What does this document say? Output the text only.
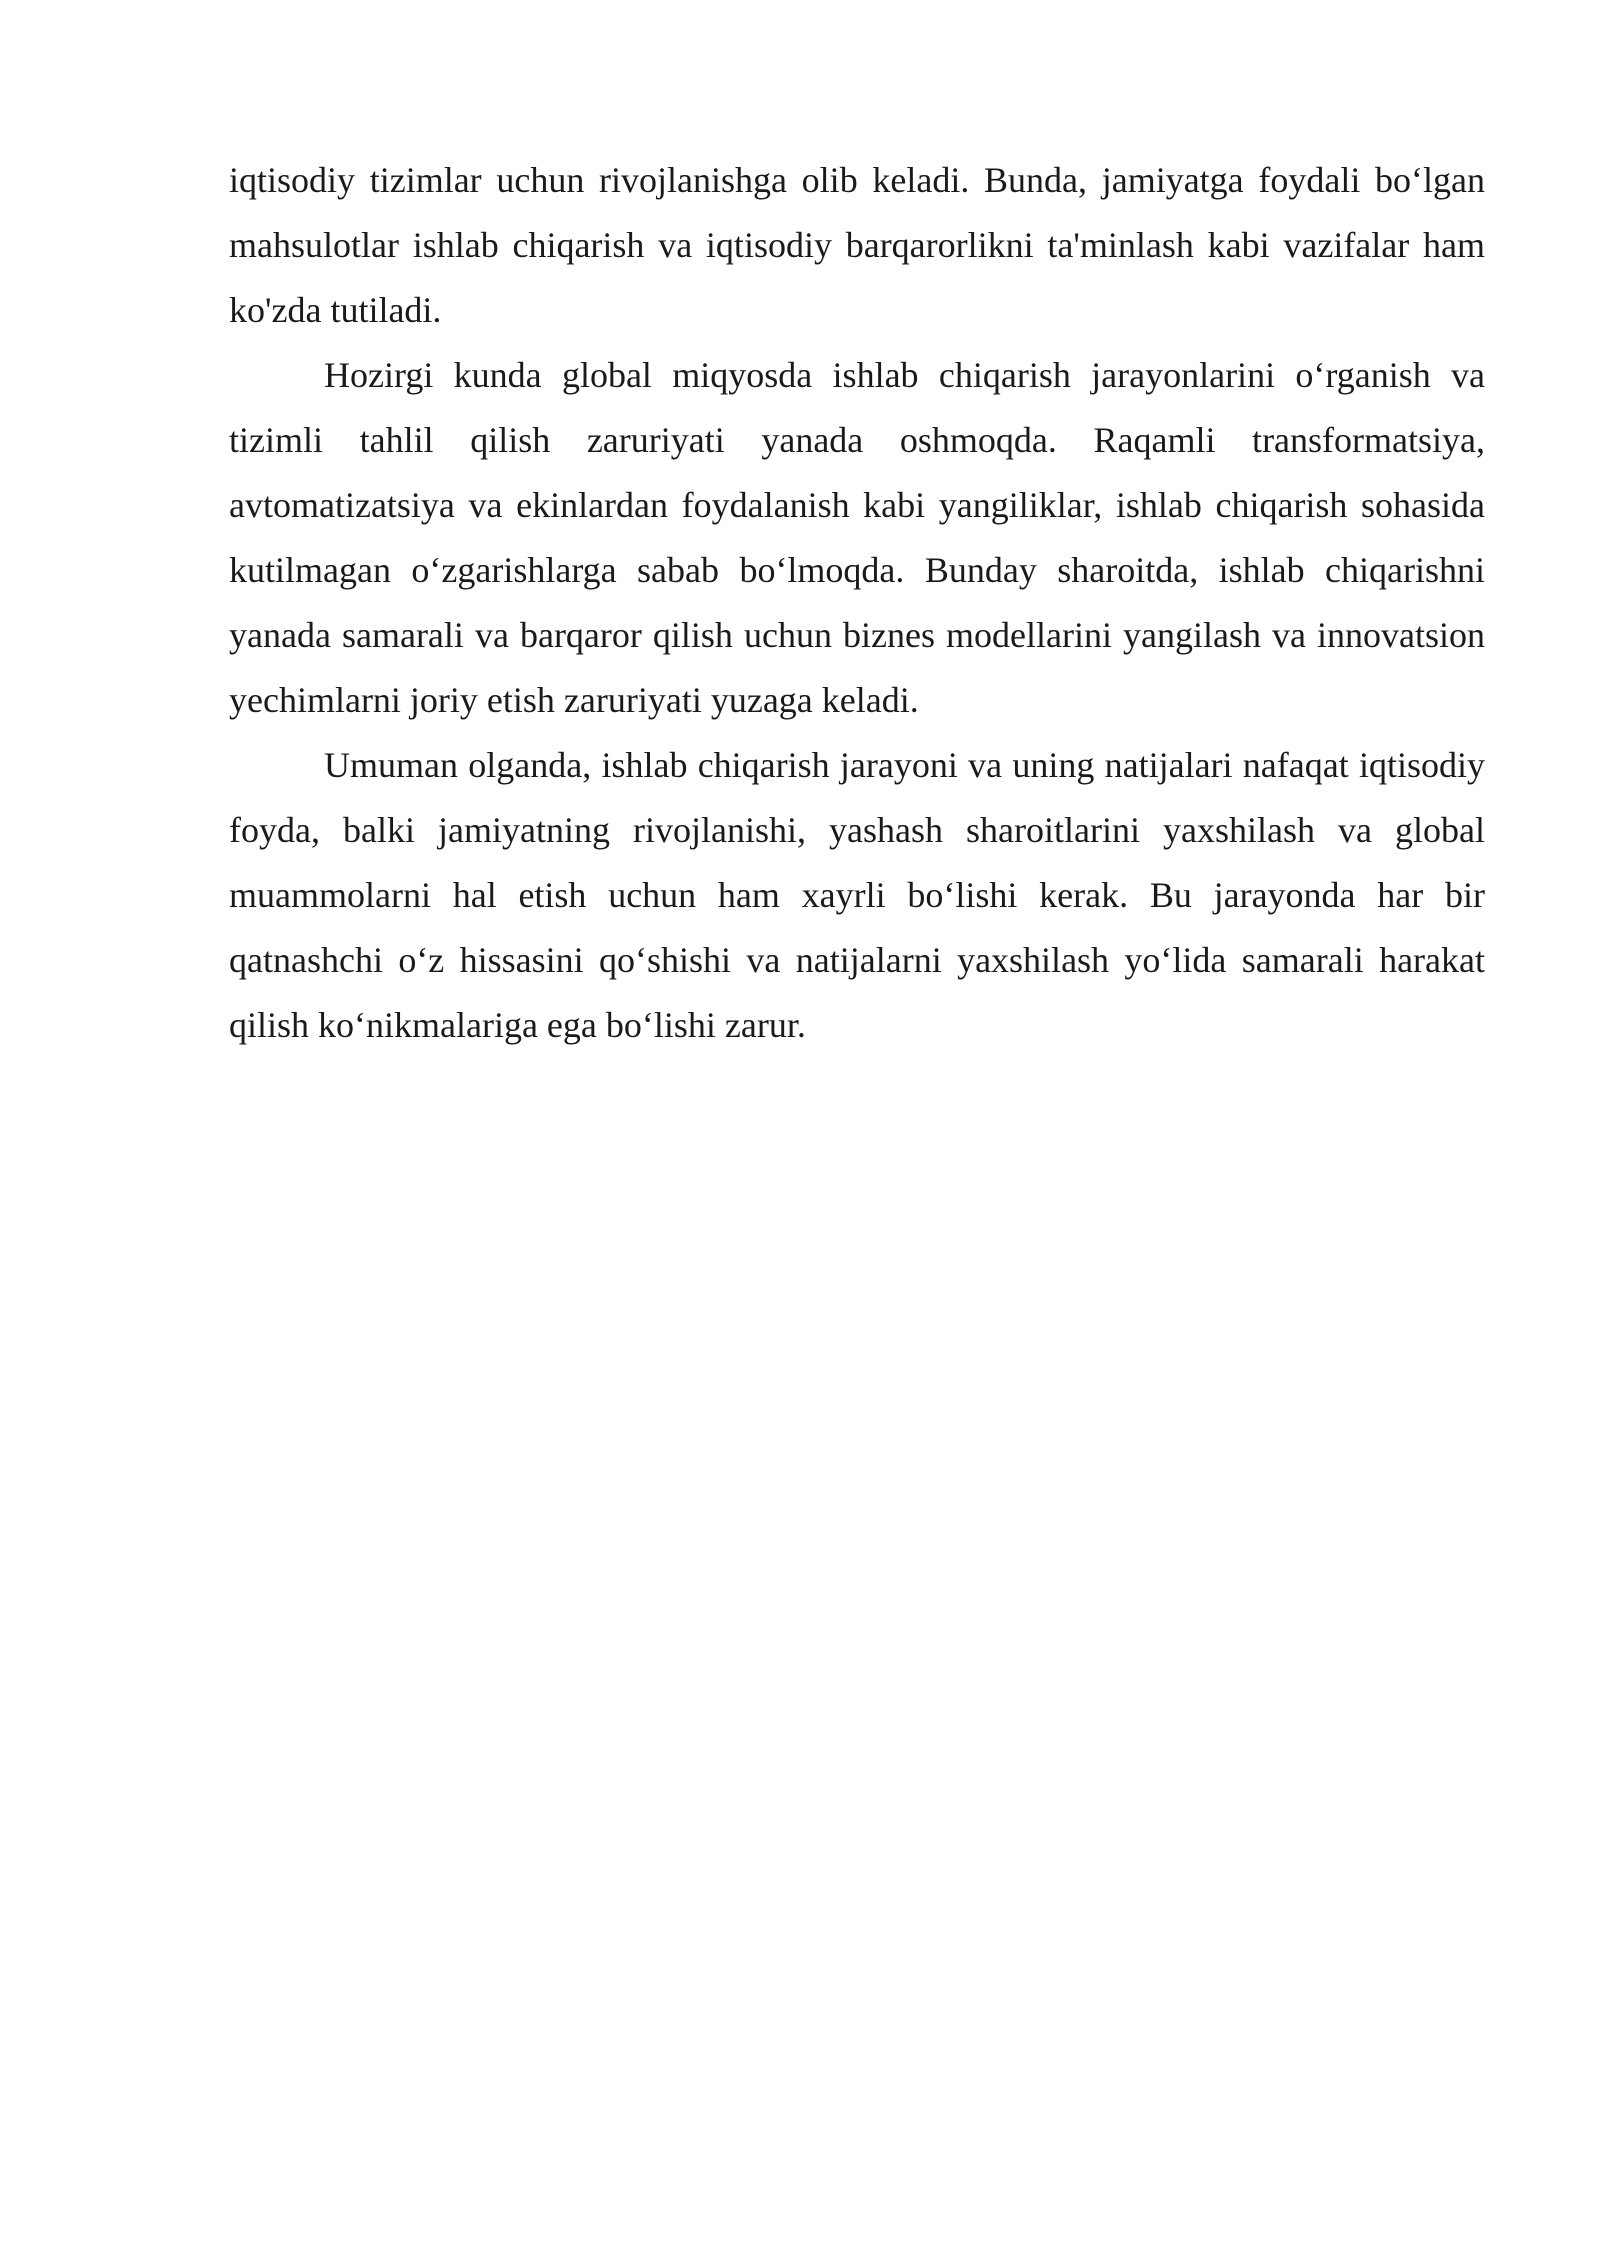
iqtisodiy tizimlar uchun rivojlanishga olib keladi. Bunda, jamiyatga foydali bo‘lgan mahsulotlar ishlab chiqarish va iqtisodiy barqarorlikni ta'minlash kabi vazifalar ham ko'zda tutiladi.

Hozirgi kunda global miqyosda ishlab chiqarish jarayonlarini o‘rganish va tizimli tahlil qilish zaruriyati yanada oshmoqda. Raqamli transformatsiya, avtomatizatsiya va ekinlardan foydalanish kabi yangiliklar, ishlab chiqarish sohasida kutilmagan o‘zgarishlarga sabab bo‘lmoqda. Bunday sharoitda, ishlab chiqarishni yanada samarali va barqaror qilish uchun biznes modellarini yangilash va innovatsion yechimlarni joriy etish zaruriyati yuzaga keladi.

Umuman olganda, ishlab chiqarish jarayoni va uning natijalari nafaqat iqtisodiy foyda, balki jamiyatning rivojlanishi, yashash sharoitlarini yaxshilash va global muammolarni hal etish uchun ham xayrli bo‘lishi kerak. Bu jarayonda har bir qatnashchi o‘z hissasini qo‘shishi va natijalarni yaxshilash yo‘lida samarali harakat qilish ko‘nikmalariga ega bo‘lishi zarur.
